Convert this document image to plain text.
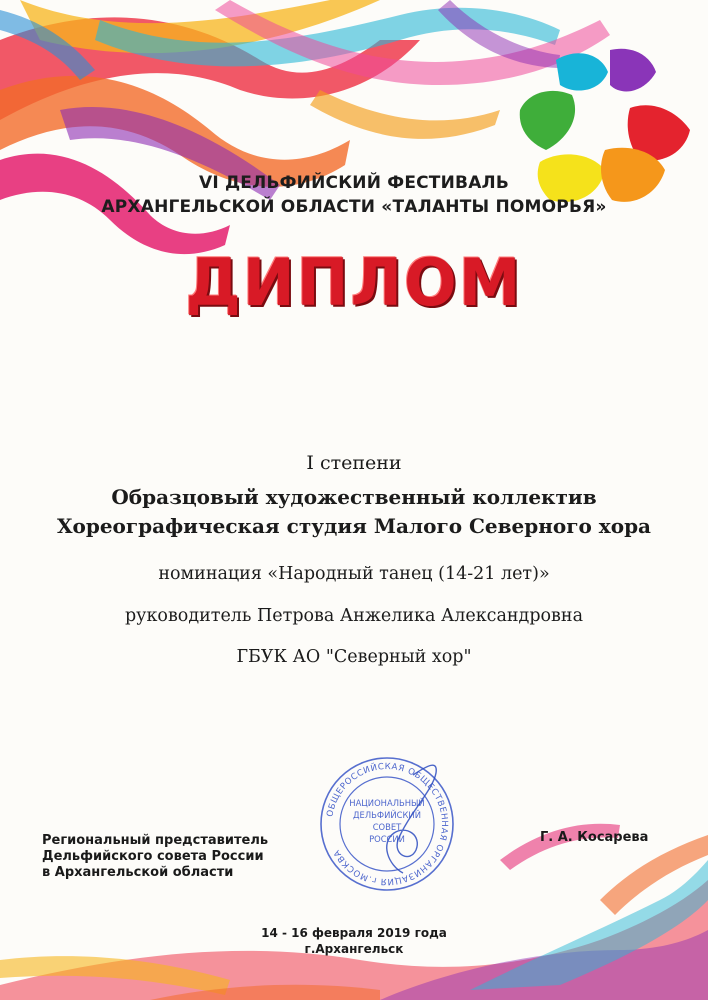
VI ДЕЛЬФИЙСКИЙ ФЕСТИВАЛЬ
АРХАНГЕЛЬСКОЙ ОБЛАСТИ «ТАЛАНТЫ ПОМОРЬЯ»
ДИПЛОМ
I степени
Образцовый художественный коллектив
Хореографическая студия Малого Северного хора
номинация «Народный танец (14-21 лет)»
руководитель Петрова Анжелика Александровна
ГБУК АО "Северный хор"
ОБЩЕРОССИЙСКАЯ ОБЩЕСТВЕННАЯ ОРГАНИЗАЦИЯ г.МОСКВА
НАЦИОНАЛЬНЫЙ
ДЕЛЬФИЙСКИЙ
СОВЕТ
РОССИИ
Региональный представитель
Дельфийского совета России
в Архангельской области
Г. А. Косарева
14 - 16 февраля 2019 года
г.Архангельск
